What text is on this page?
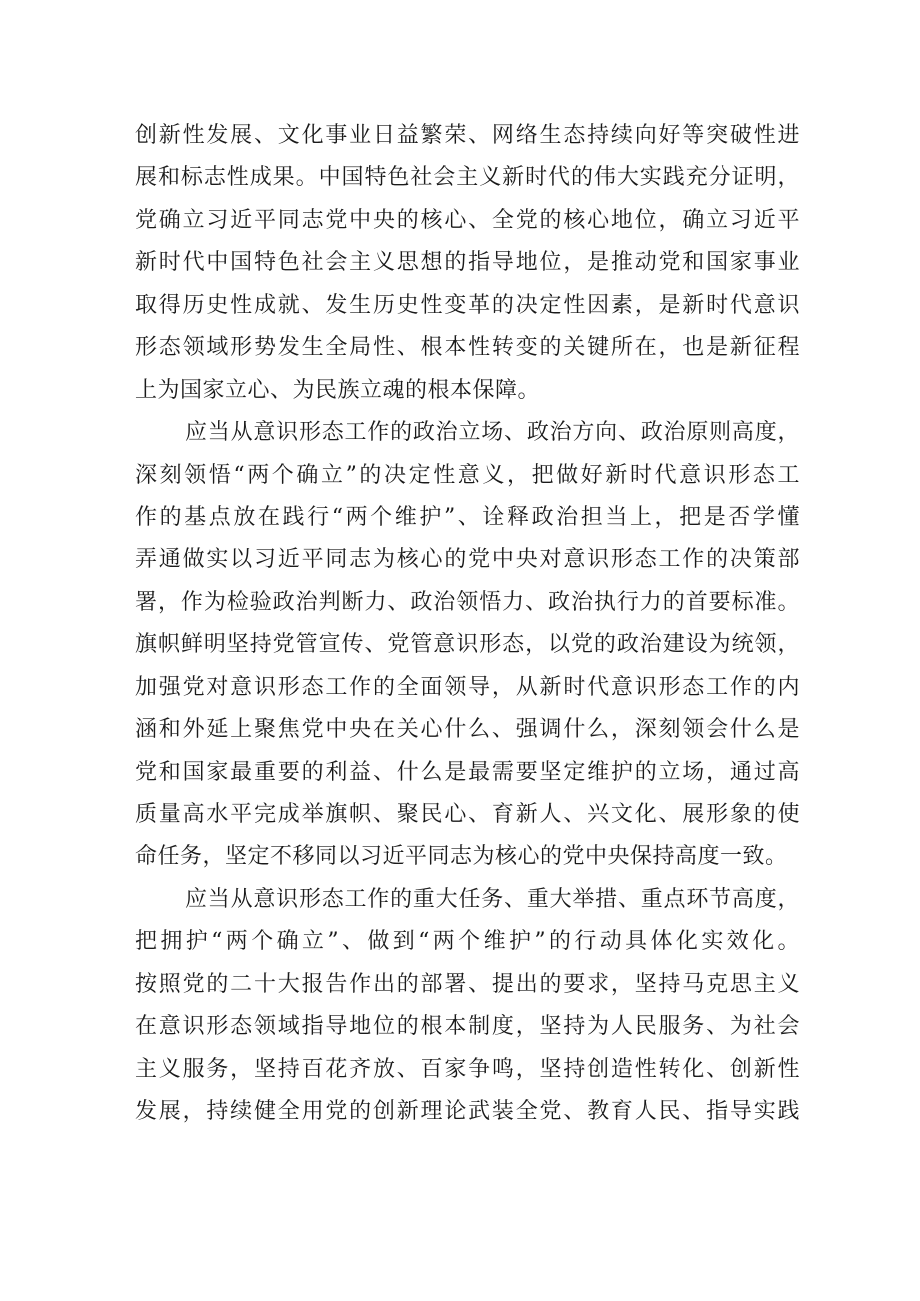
创新性发展、文化事业日益繁荣、网络生态持续向好等突破性进
展和标志性成果。中国特色社会主义新时代的伟大实践充分证明，
党确立习近平同志党中央的核心、全党的核心地位，确立习近平
新时代中国特色社会主义思想的指导地位，是推动党和国家事业
取得历史性成就、发生历史性变革的决定性因素，是新时代意识
形态领域形势发生全局性、根本性转变的关键所在，也是新征程
上为国家立心、为民族立魂的根本保障。
应当从意识形态工作的政治立场、政治方向、政治原则高度，
深刻领悟“两个确立”的决定性意义，把做好新时代意识形态工
作的基点放在践行“两个维护”、诠释政治担当上，把是否学懂
弄通做实以习近平同志为核心的党中央对意识形态工作的决策部
署，作为检验政治判断力、政治领悟力、政治执行力的首要标准。
旗帜鲜明坚持党管宣传、党管意识形态，以党的政治建设为统领，
加强党对意识形态工作的全面领导，从新时代意识形态工作的内
涵和外延上聚焦党中央在关心什么、强调什么，深刻领会什么是
党和国家最重要的利益、什么是最需要坚定维护的立场，通过高
质量高水平完成举旗帜、聚民心、育新人、兴文化、展形象的使
命任务，坚定不移同以习近平同志为核心的党中央保持高度一致。
应当从意识形态工作的重大任务、重大举措、重点环节高度，
把拥护“两个确立”、做到“两个维护”的行动具体化实效化。
按照党的二十大报告作出的部署、提出的要求，坚持马克思主义
在意识形态领域指导地位的根本制度，坚持为人民服务、为社会
主义服务，坚持百花齐放、百家争鸣，坚持创造性转化、创新性
发展，持续健全用党的创新理论武装全党、教育人民、指导实践
